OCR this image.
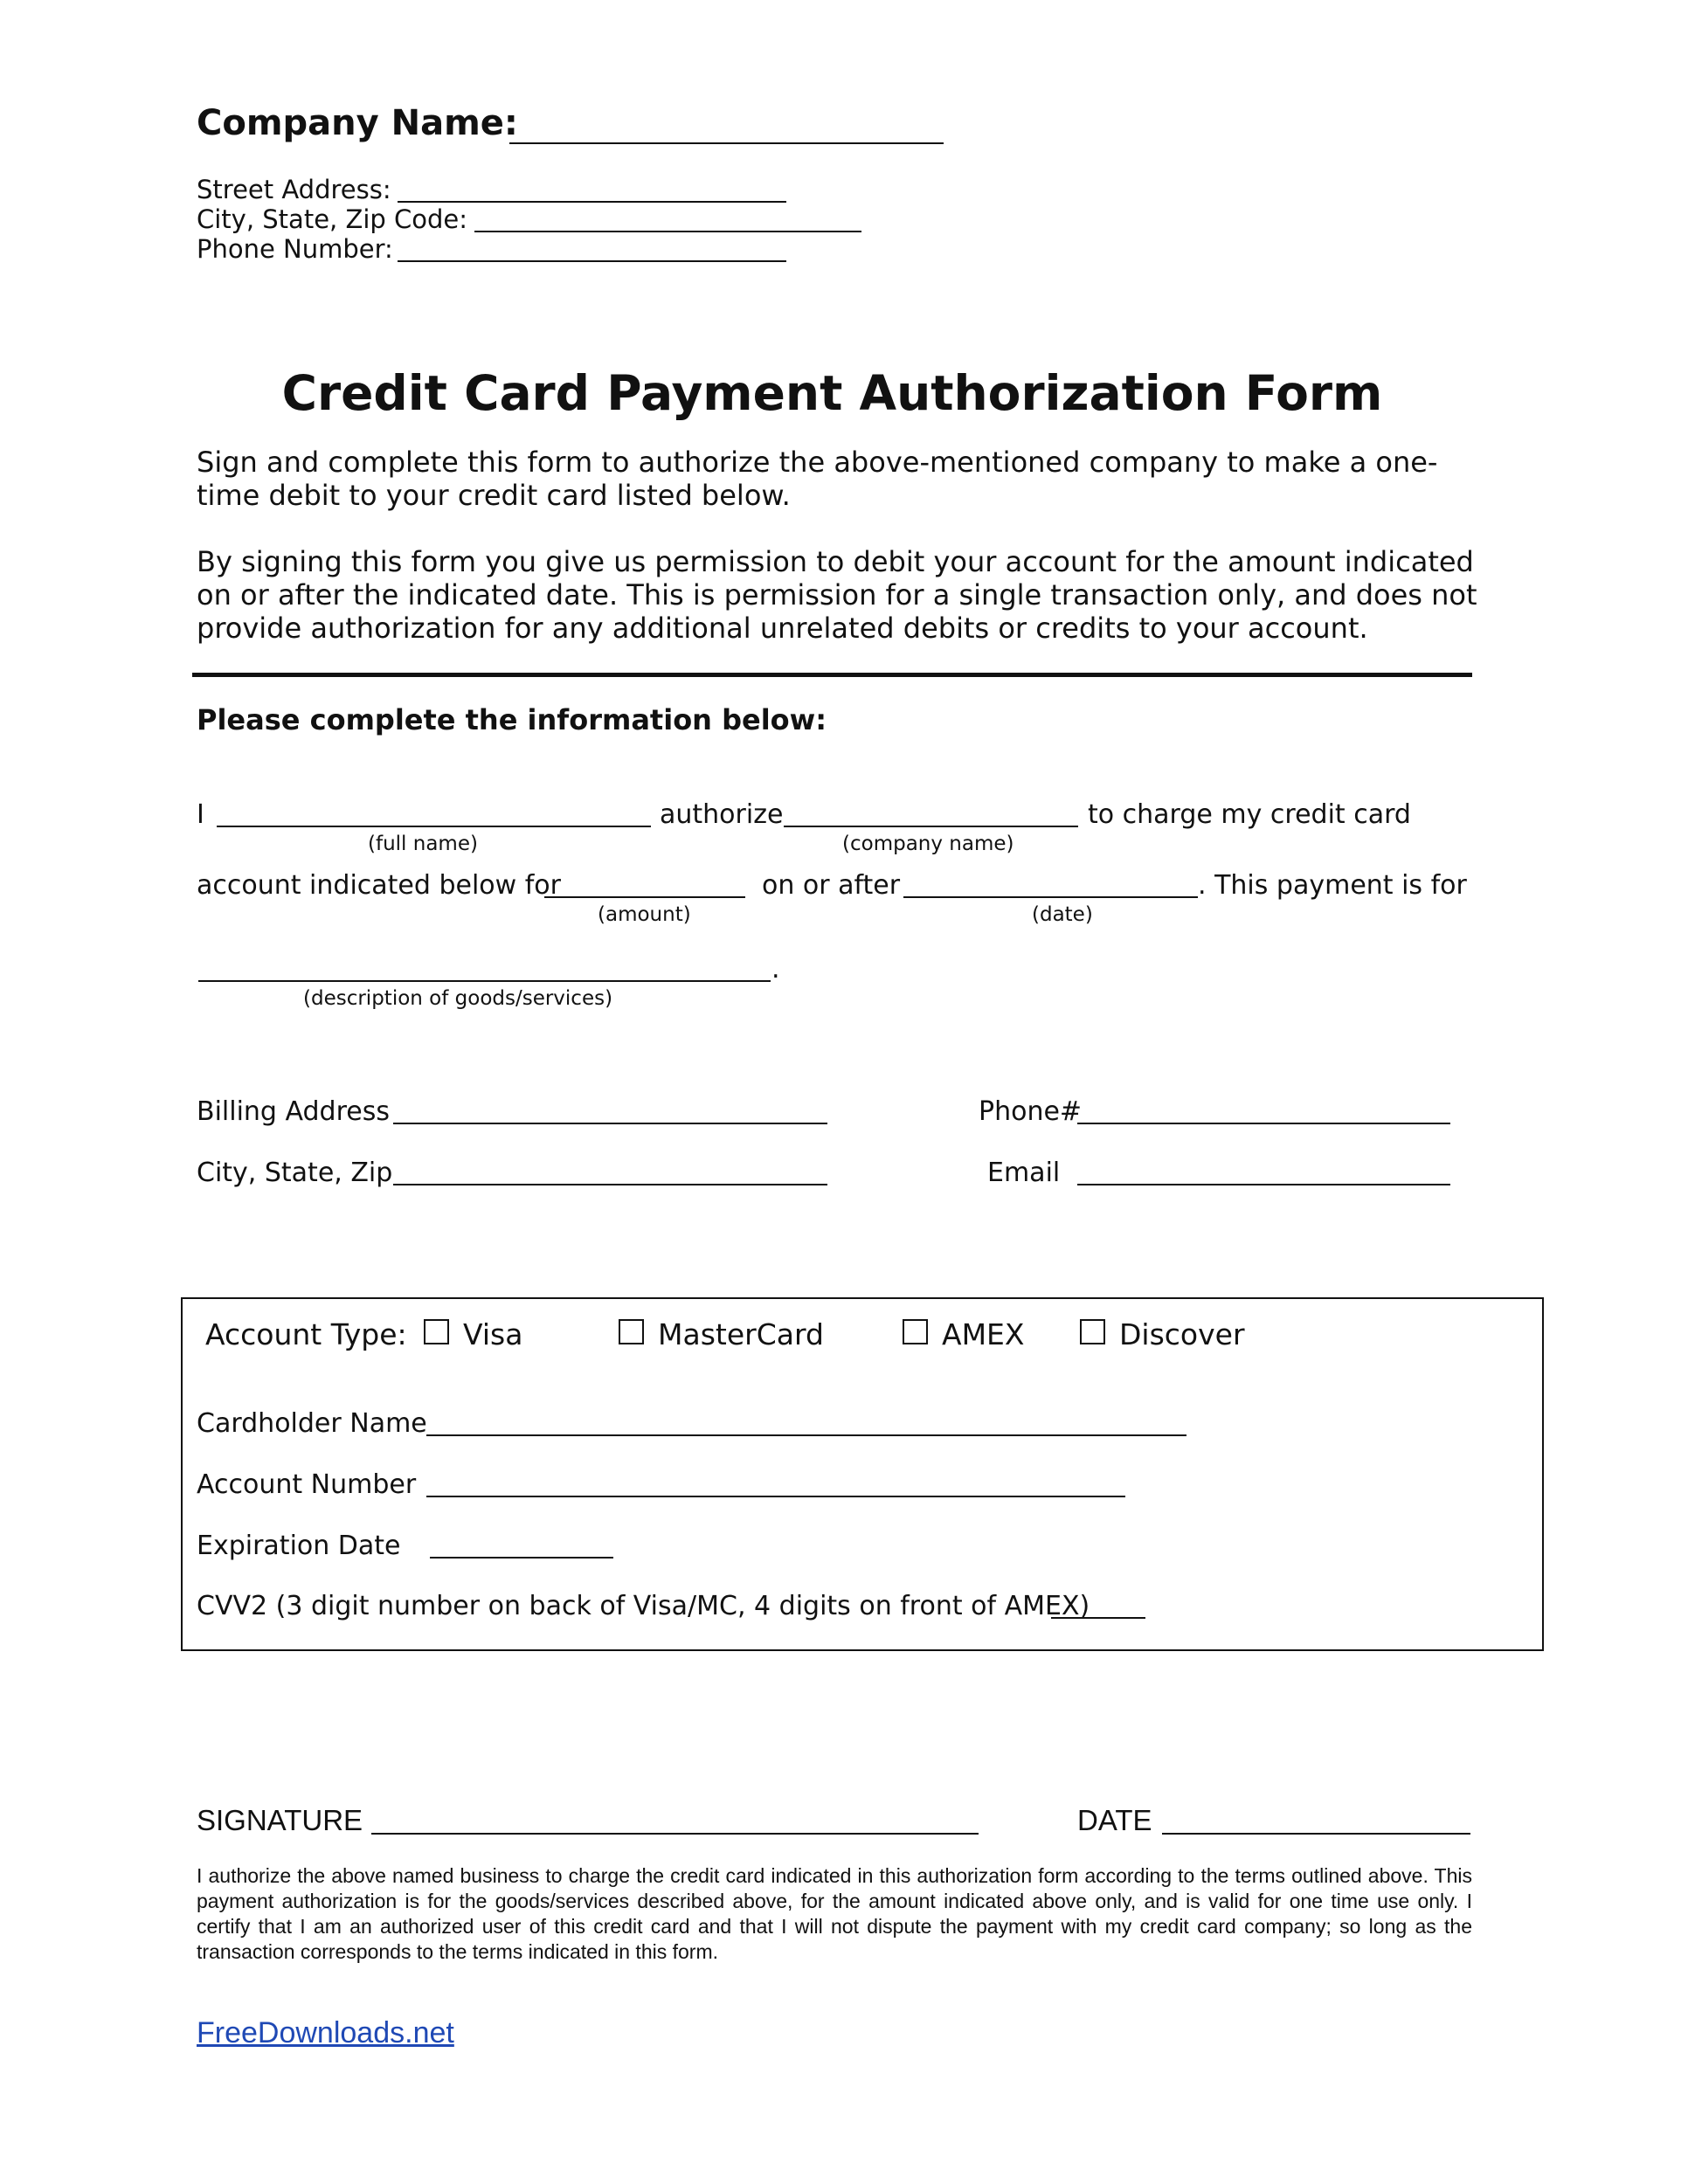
Company Name:
Street Address:
City, State, Zip Code:
Phone Number:
Credit Card Payment Authorization Form
Sign and complete this form to authorize the above-mentioned company to make a one-time debit to your credit card listed below.
By signing this form you give us permission to debit your account for the amount indicated on or after the indicated date. This is permission for a single transaction only, and does not provide authorization for any additional unrelated debits or credits to your account.
Please complete the information below:
I	authorize	to charge my credit card
(full name)	(company name)
account indicated below for	on or after	. This payment is for
(amount)	(date)
.
(description of goods/services)
Billing Address	Phone#
City, State, Zip	Email
Account Type: Visa	MasterCard	AMEX	Discover
Cardholder Name
Account Number
Expiration Date
CVV2 (3 digit number on back of Visa/MC, 4 digits on front of AMEX)
SIGNATURE	DATE
I authorize the above named business to charge the credit card indicated in this authorization form according to the terms outlined above. This payment authorization is for the goods/services described above, for the amount indicated above only, and is valid for one time use only. I certify that I am an authorized user of this credit card and that I will not dispute the payment with my credit card company; so long as the transaction corresponds to the terms indicated in this form.
FreeDownloads.net
